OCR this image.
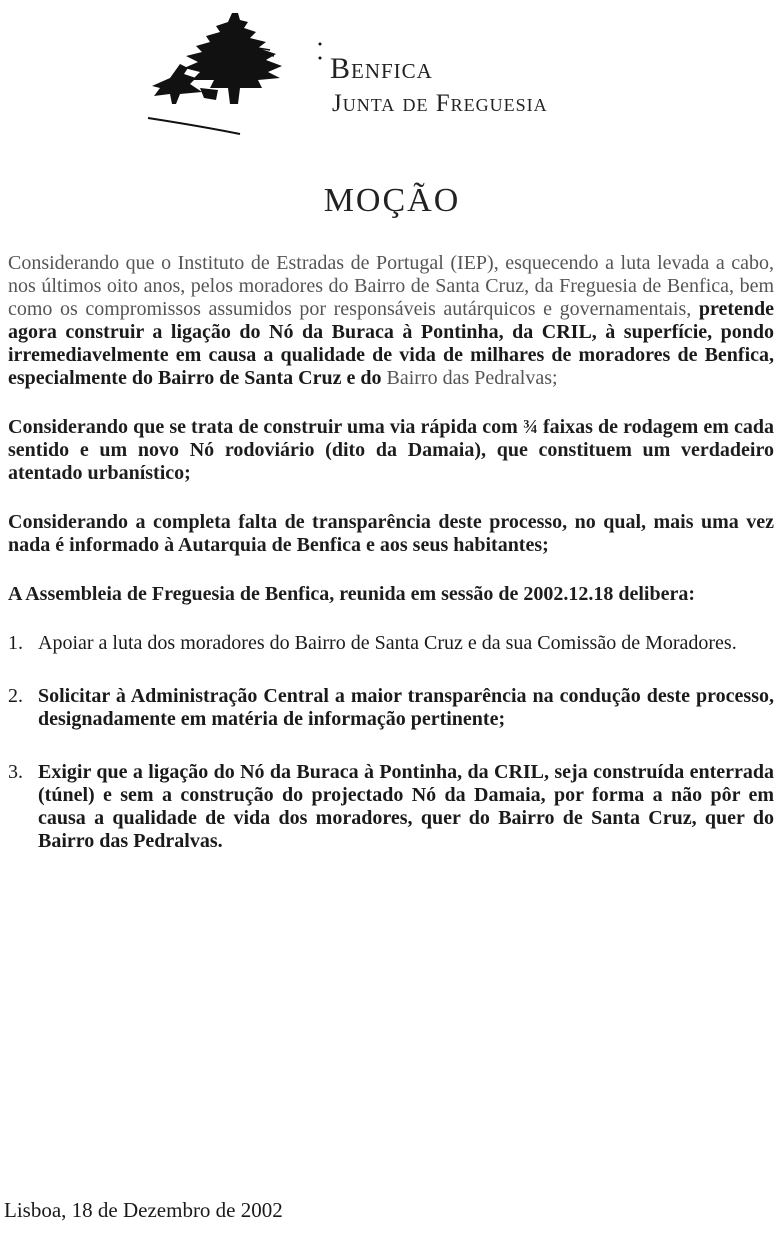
Benfica
Junta de Freguesia
MOÇÃO

Considerando que o Instituto de Estradas de Portugal (IEP), esquecendo a luta levada a cabo, nos últimos oito anos, pelos moradores do Bairro de Santa Cruz, da Freguesia de Benfica, bem como os compromissos assumidos por responsáveis autárquicos e governamentais, pretende agora construir a ligação do Nó da Buraca à Pontinha, da CRIL, à superfície, pondo irremediavelmente em causa a qualidade de vida de milhares de moradores de Benfica, especialmente do Bairro de Santa Cruz e do Bairro das Pedralvas;

Considerando que se trata de construir uma via rápida com ¾ faixas de rodagem em cada sentido e um novo Nó rodoviário (dito da Damaia), que constituem um verdadeiro atentado urbanístico;

Considerando a completa falta de transparência deste processo, no qual, mais uma vez nada é informado à Autarquia de Benfica e aos seus habitantes;

A Assembleia de Freguesia de Benfica, reunida em sessão de 2002.12.18 delibera:

1. Apoiar a luta dos moradores do Bairro de Santa Cruz e da sua Comissão de Moradores.
2. Solicitar à Administração Central a maior transparência na condução deste processo, designadamente em matéria de informação pertinente;
3. Exigir que a ligação do Nó da Buraca à Pontinha, da CRIL, seja construída enterrada (túnel) e sem a construção do projectado Nó da Damaia, por forma a não pôr em causa a qualidade de vida dos moradores, quer do Bairro de Santa Cruz, quer do Bairro das Pedralvas.
Lisboa, 18 de Dezembro de 2002
